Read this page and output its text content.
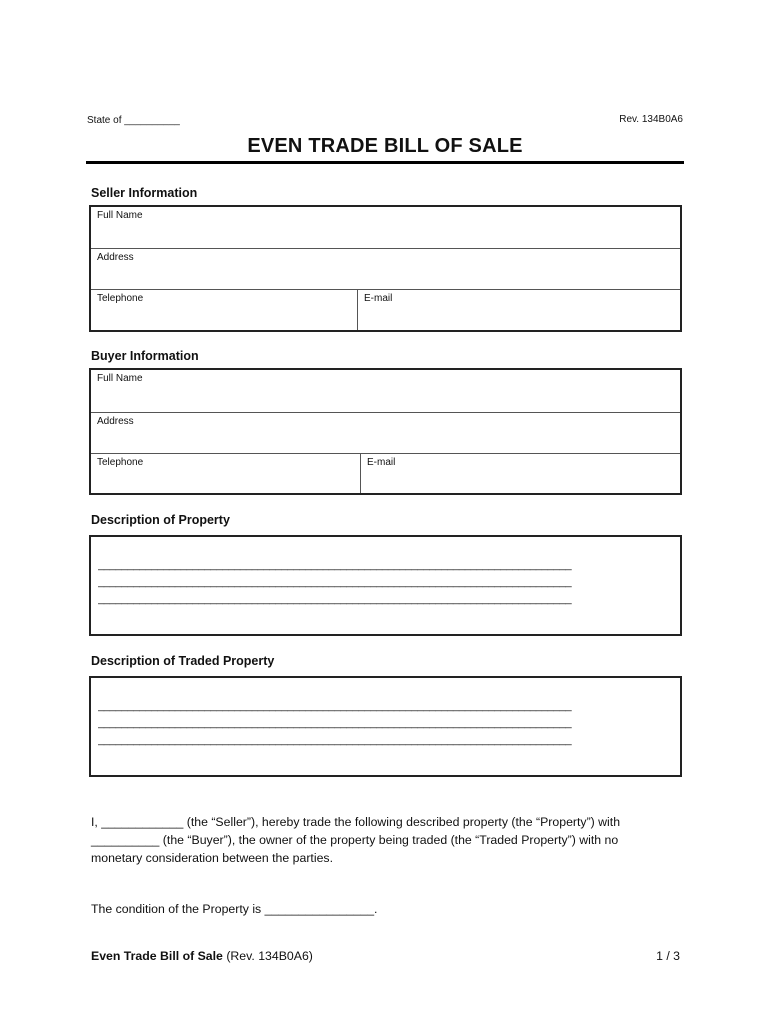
State of __________	Rev. 134B0A6
EVEN TRADE BILL OF SALE
Seller Information
Full Name
Address
Telephone	E-mail
Buyer Information
Full Name
Address
Telephone	E-mail
Description of Property
________________________________________________________________________________
________________________________________________________________________________
________________________________________________________________________________
Description of Traded Property
________________________________________________________________________________
________________________________________________________________________________
________________________________________________________________________________
I, ____________ (the “Seller”), hereby trade the following described property (the “Property”) with
__________ (the “Buyer”), the owner of the property being traded (the “Traded Property”) with no
monetary consideration between the parties.
The condition of the Property is ________________.
Even Trade Bill of Sale (Rev. 134B0A6)	1 / 3
